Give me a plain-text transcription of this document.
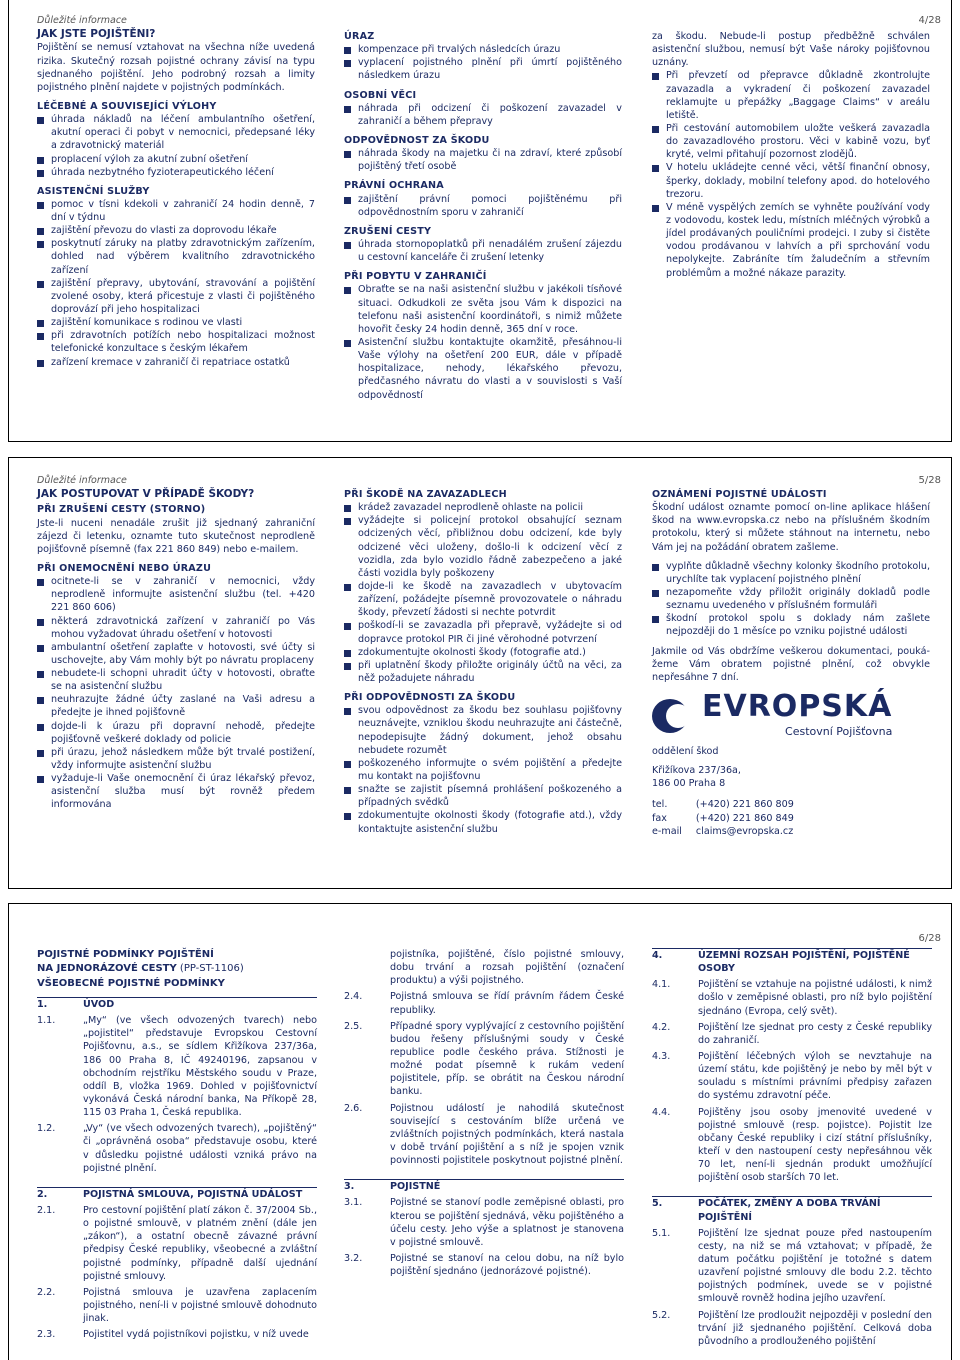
4/28
Důležité informace
JAK JSTE POJIŠTĚNI?

Pojištění se nemusí vztahovat na všechna níže uvedená rizika. Skutečný rozsah pojistné ochrany závisí na typu sjednaného pojištění. Jeho podrobný rozsah a limity pojistného plnění najdete v pojistných podmínkách.

LÉČEBNÉ A SOUVISEJÍCÍ VÝLOHY
úhrada nákladů na léčení ambulantního ošetření, akutní operaci či pobyt v nemocnici, předepsané léky a zdravotnický materiál
proplacení výloh za akutní zubní ošetření
úhrada nezbytného fyzioterapeutického léčení
ASISTENČNÍ SLUŽBY
pomoc v tísni kdekoli v zahraničí 24 hodin denně, 7 dní v týdnu
zajištění převozu do vlasti za doprovodu lékaře
poskytnutí záruky na platby zdravotnickým zařízením, dohled nad výběrem kvalitního zdravotnického zařízení
zajištění přepravy, ubytování, stravování a pojištění zvolené osoby, která přicestuje z vlasti či pojištěného doprovází při jeho hospitalizaci
zajištění komunikace s rodinou ve vlasti
při zdravotních potížích nebo hospitalizaci možnost telefonické konzultace s českým lékařem
zařízení kremace v zahraničí či repatriace ostatků
ÚRAZ
kompenzace při trvalých následcích úrazu
vyplacení pojistného plnění při úmrtí pojištěného následkem úrazu
OSOBNÍ VĚCI
náhrada při odcizení či poškození zavazadel v zahraničí a během přepravy
ODPOVĚDNOST ZA ŠKODU
náhrada škody na majetku či na zdraví, které způsobí pojištěný třetí osobě
PRÁVNÍ OCHRANA
zajištění právní pomoci pojištěnému při odpovědnostním sporu v zahraničí
ZRUŠENÍ CESTY
úhrada stornopoplatků při nenadálém zrušení zájezdu u cestovní kanceláře či zrušení letenky
PŘI POBYTU V ZAHRANIČÍ
Obraťte se na naši asistenční službu v jakékoli tísňové situaci. Odkudkoli ze světa jsou Vám k dispozici na telefonu naši asistenční koordinátoři, s nimiž můžete hovořit česky 24 hodin denně, 365 dní v roce.
Asistenční službu kontaktujte okamžitě, přesáhnou-li Vaše výlohy na ošetření 200 EUR, dále v případě hospitalizace, nehody, lékařského převozu, předčasného návratu do vlasti a v souvislosti s Vaší odpovědností

za škodu. Nebude-li postup předběžně schválen asistenční službou, nemusí být Vaše nároky pojišťovnou uznány.

Při převzetí od přepravce důkladně zkontrolujte zavazadla a vykradení či poškození zavazadel reklamujte u přepážky „Baggage Claims“ v areálu letiště.
Při cestování automobilem uložte veškerá zavazadla do zavazadlového prostoru. Věci v kabině vozu, byť kryté, velmi přitahují pozornost zlodějů.
V hotelu ukládejte cenné věci, větší finanční obnosy, šperky, doklady, mobilní telefony apod. do hotelového trezoru.
V méně vyspělých zemích se vyhněte používání vody z vodovodu, kostek ledu, místních mléčných výrobků a jídel prodávaných pouličními prodejci. I zuby si čistěte vodou prodávanou v lahvích a při sprchování vodu nepolykejte. Zabráníte tím žaludečním a střevním problémům a možné nákaze parazity.
5/28
Důležité informace
JAK POSTUPOVAT V PŘÍPADĚ ŠKODY?
PŘI ZRUŠENÍ CESTY (STORNO)

Jste-li nuceni nenadále zrušit již sjednaný zahraniční zájezd či letenku, oznamte tuto skutečnost neprodleně pojišťovně písemně (fax 221 860 849) nebo e-mailem.

PŘI ONEMOCNĚNÍ NEBO ÚRAZU
ocitnete-li se v zahraničí v nemocnici, vždy neprodleně informujte asistenční službu (tel. +420 221 860 606)
některá zdravotnická zařízení v zahraničí po Vás mohou vyžadovat úhradu ošetření v hotovosti
ambulantní ošetření zaplaťte v hotovosti, své účty si uschovejte, aby Vám mohly být po návratu proplaceny
nebudete-li schopni uhradit účty v hotovosti, obraťte se na asistenční službu
neuhrazujte žádné účty zaslané na Vaši adresu a předejte je ihned pojišťovně
dojde-li k úrazu při dopravní nehodě, předejte pojišťovně veškeré doklady od policie
při úrazu, jehož následkem může být trvalé postižení, vždy informujte asistenční službu
vyžaduje-li Vaše onemocnění či úraz lékařský převoz, asistenční služba musí být rovněž předem informována
PŘI ŠKODĚ NA ZAVAZADLECH
krádež zavazadel neprodleně ohlaste na policii
vyžádejte si policejní protokol obsahující seznam odcizených věcí, přibližnou dobu odcizení, kde byly odcizené věci uloženy, došlo-li k odcizení věcí z vozidla, zda bylo vozidlo řádně zabezpečeno a jaké části vozidla byly poškozeny
dojde-li ke škodě na zavazadlech v ubytovacím zařízení, požádejte písemně provozovatele o náhradu škody, převzetí žádosti si nechte potvrdit
poškodí-li se zavazadla při přepravě, vyžádejte si od dopravce protokol PIR či jiné věrohodné potvrzení
zdokumentujte okolnosti škody (fotografie atd.)
při uplatnění škody přiložte originály účtů na věci, za něž požadujete náhradu
PŘI ODPOVĚDNOSTI ZA ŠKODU
svou odpovědnost za škodu bez souhlasu pojišťovny neuznávejte, vzniklou škodu neuhrazujte ani částečně, nepodepisujte žádný dokument, jehož obsahu nebudete rozumět
poškozeného informujte o svém pojištění a předejte mu kontakt na pojišťovnu
snažte se zajistit písemná prohlášení poškozeného a případných svědků
zdokumentujte okolnosti škody (fotografie atd.), vždy kontaktujte asistenční službu
OZNÁMENÍ POJISTNÉ UDÁLOSTI

Škodní událost oznamte pomocí on-line aplikace hlášení škod na www.evropska.cz nebo na příslušném škodním protokolu, který si můžete stáhnout na internetu, nebo Vám jej na požádání obratem zašleme.

vyplňte důkladně všechny kolonky škodního protokolu, urychlíte tak vyplacení pojistného plnění
nezapomeňte vždy přiložit originály dokladů podle seznamu uvedeného v příslušném formuláři
škodní protokol spolu s doklady nám zašlete nejpozději do 1 měsíce po vzniku pojistné události

Jakmile od Vás obdržíme veškerou dokumentaci, pouká-žeme Vám obratem pojistné plnění, což obvykle nepřesáhne 7 dní.

EVROPSKÁ
Cestovní Pojišťovna
oddělení škod
Křižíkova 237/36a,
186 00 Praha 8
tel.	(+420) 221 860 809
fax	(+420) 221 860 849
e-mail	claims@evropska.cz
6/28
POJISTNÉ PODMÍNKY POJIŠTĚNÍ
NA JEDNORÁZOVÉ CESTY (PP-ST-1106)
VŠEOBECNÉ POJISTNÉ PODMÍNKY
1.	ÚVOD
1.1.	„My“ (ve všech odvozených tvarech) nebo „pojistitel“ představuje Evropskou Cestovní Pojišťovnu, a.s., se sídlem Křižíkova 237/36a, 186 00 Praha 8, IČ 49240196, zapsanou v obchodním rejstříku Městského soudu v Praze, oddíl B, vložka 1969. Dohled v pojišťovnictví vykonává Česká národní banka, Na Příkopě 28, 115 03 Praha 1, Česká republika.
1.2.	„Vy“ (ve všech odvozených tvarech), „pojištěný“ či „oprávněná osoba“ představuje osobu, které v důsledku pojistné události vzniká právo na pojistné plnění.
2.	POJISTNÁ SMLOUVA, POJISTNÁ UDÁLOST
2.1.	Pro cestovní pojištění platí zákon č. 37/2004 Sb., o pojistné smlouvě, v platném znění (dále jen „zákon“), a ostatní obecně závazné právní předpisy České republiky, všeobecné a zvláštní pojistné podmínky, případně další ujednání pojistné smlouvy.
2.2.	Pojistná smlouva je uzavřena zaplacením pojistného, není-li v pojistné smlouvě dohodnuto jinak.
2.3.	Pojistitel vydá pojistníkovi pojistku, v níž uvede
pojistníka, pojištěné, číslo pojistné smlouvy, dobu trvání a rozsah pojištění (označení produktu) a výši pojistného.
2.4.	Pojistná smlouva se řídí právním řádem České republiky.
2.5.	Případné spory vyplývající z cestovního pojištění budou řešeny příslušnými soudy v České republice podle českého práva. Stížnosti je možné podat písemně k rukám vedení pojistitele, příp. se obrátit na Českou národní banku.
2.6.	Pojistnou událostí je nahodilá skutečnost související s cestováním blíže určená ve zvláštních pojistných podmínkách, která nastala v době trvání pojištění a s níž je spojen vznik povinnosti pojistitele poskytnout pojistné plnění.
3.	POJISTNÉ
3.1.	Pojistné se stanoví podle zeměpisné oblasti, pro kterou se pojištění sjednává, věku pojištěného a účelu cesty. Jeho výše a splatnost je stanovena v pojistné smlouvě.
3.2.	Pojistné se stanoví na celou dobu, na níž bylo pojištění sjednáno (jednorázové pojistné).
4.	ÚZEMNÍ ROZSAH POJIŠTĚNÍ, POJIŠTĚNÉ OSOBY
4.1.	Pojištění se vztahuje na pojistné události, k nimž došlo v zeměpisné oblasti, pro níž bylo pojištění sjednáno (Evropa, celý svět).
4.2.	Pojištění lze sjednat pro cesty z České republiky do zahraničí.
4.3.	Pojištění léčebných výloh se nevztahuje na území státu, kde pojištěný je nebo by měl být v souladu s místními právními předpisy zařazen do systému zdravotní péče.
4.4.	Pojištěny jsou osoby jmenovité uvedené v pojistné smlouvě (resp. pojistce). Pojistit lze občany České republiky i cizí státní příslušníky, kteří v den nastoupení cesty nepřesáhnou věk 70 let, není-li sjednán produkt umožňující pojištění osob starších 70 let.
5.	POČÁTEK, ZMĚNY A DOBA TRVÁNÍ POJIŠTĚNÍ
5.1.	Pojištění lze sjednat pouze před nastoupením cesty, na niž se má vztahovat; v případě, že datum počátku pojištění je totožné s datem uzavření pojistné smlouvy dle bodu 2.2. těchto pojistných podmínek, uvede se v pojistné smlouvě rovněž hodina jejího uzavření.
5.2.	Pojištění lze prodloužit nejpozději v poslední den trvání již sjednaného pojištění. Celková doba původního a prodlouženého pojištění
